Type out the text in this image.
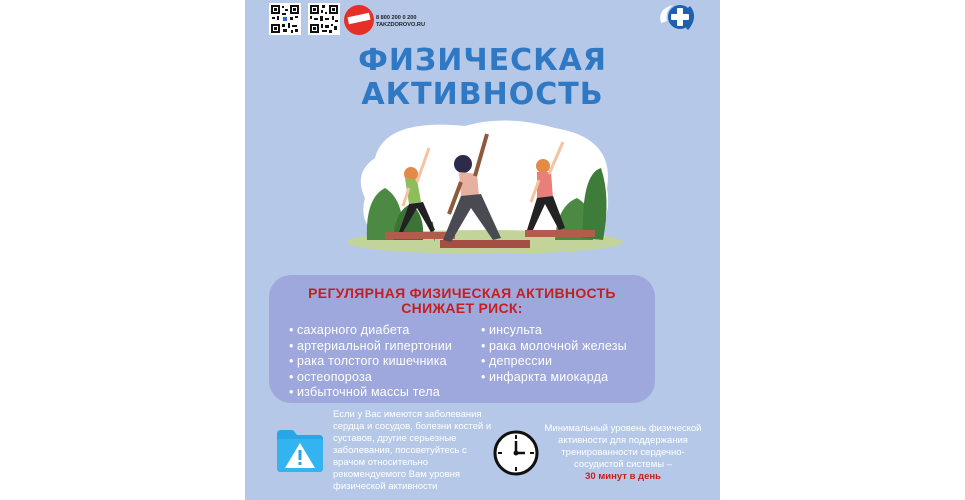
8 800 200 0 200
TAKZDOROVO.RU
ФИЗИЧЕСКАЯ
АКТИВНОСТЬ
РЕГУЛЯРНАЯ ФИЗИЧЕСКАЯ АКТИВНОСТЬ
СНИЖАЕТ РИСК:
• сахарного диабета
• артериальной гипертонии
• рака толстого кишечника
• остеопороза
• избыточной массы тела
• инсульта
• рака молочной железы
• депрессии
• инфаркта миокарда
Если у Вас имеются заболевания сердца и сосудов, болезни костей и суставов, другие серьезные заболевания, посоветуйтесь с врачом относительно рекомендуемого Вам уровня физической активности
Минимальный уровень физической активности для поддержания тренированности сердечно-сосудистой системы –
30 минут в день
